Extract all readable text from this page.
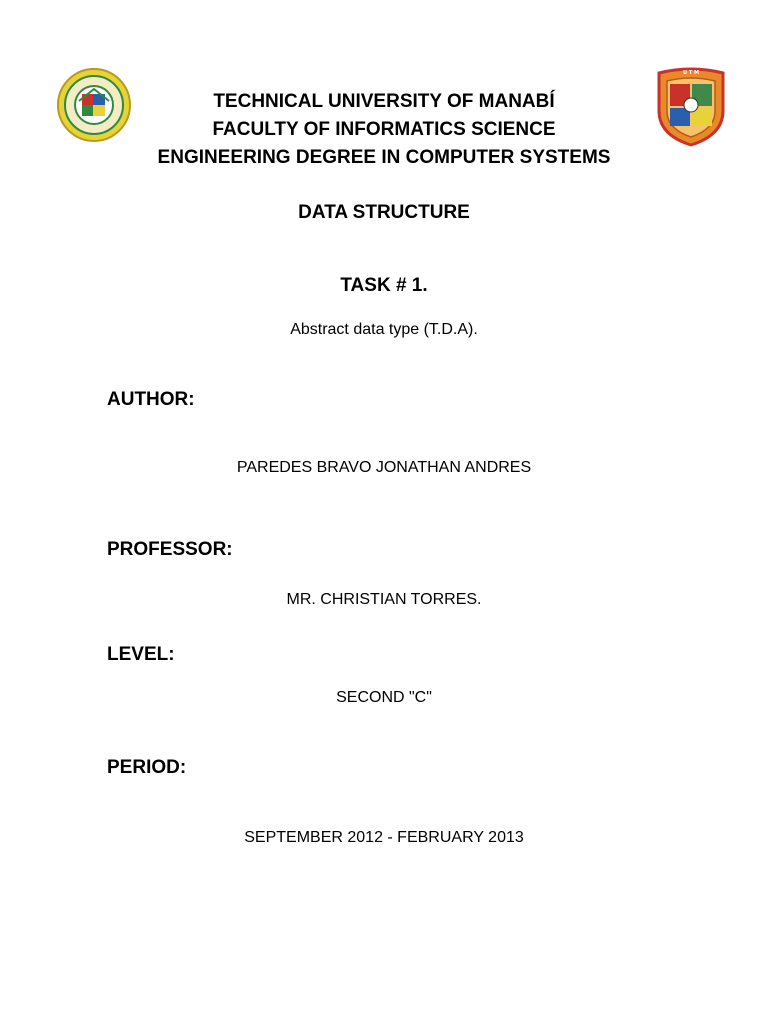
U T M
TECHNICAL UNIVERSITY OF MANABÍ
FACULTY OF INFORMATICS SCIENCE
ENGINEERING DEGREE IN COMPUTER SYSTEMS
DATA STRUCTURE
TASK # 1.
Abstract data type (T.D.A).
AUTHOR:
PAREDES BRAVO JONATHAN ANDRES
PROFESSOR:
MR. CHRISTIAN TORRES.
LEVEL:
SECOND "C"
PERIOD:
SEPTEMBER 2012 - FEBRUARY 2013
